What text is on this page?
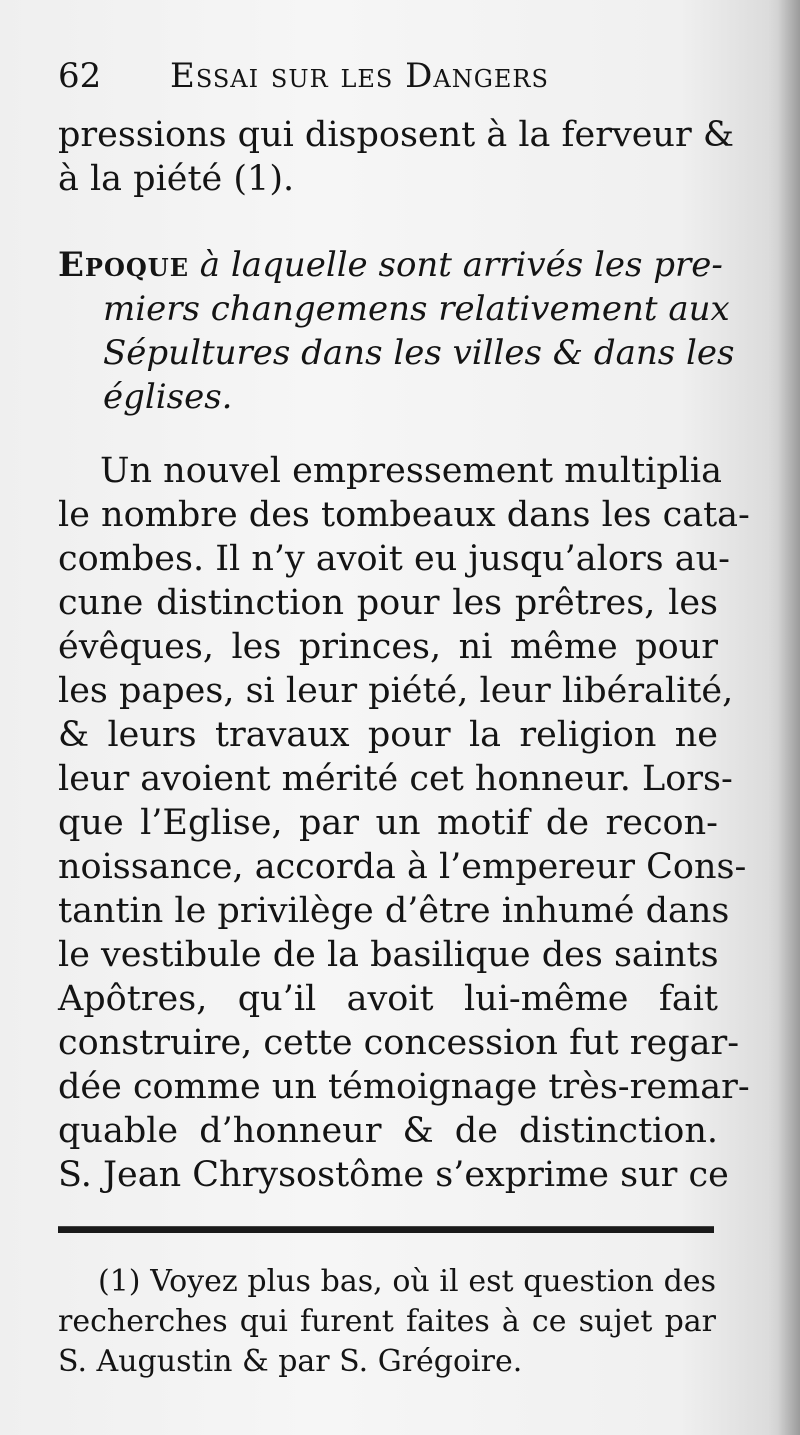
62 Essai sur les Dangers
pressions qui disposent à la ferveur &
à la piété (1).
Epoque à laquelle sont arrivés les pre-
miers changemens relativement aux
Sépultures dans les villes & dans les
églises.
Un nouvel empressement multiplia
le nombre des tombeaux dans les cata-
combes. Il n’y avoit eu jusqu’alors au-
cune distinction pour les prêtres, les
évêques, les princes, ni même pour
les papes, si leur piété, leur libéralité,
& leurs travaux pour la religion ne
leur avoient mérité cet honneur. Lors-
que l’Eglise, par un motif de recon-
noissance, accorda à l’empereur Cons-
tantin le privilège d’être inhumé dans
le vestibule de la basilique des saints
Apôtres, qu’il avoit lui-même fait
construire, cette concession fut regar-
dée comme un témoignage très-remar-
quable d’honneur & de distinction.
S. Jean Chrysostôme s’exprime sur ce
(1) Voyez plus bas, où il est question des
recherches qui furent faites à ce sujet par
S. Augustin & par S. Grégoire.
